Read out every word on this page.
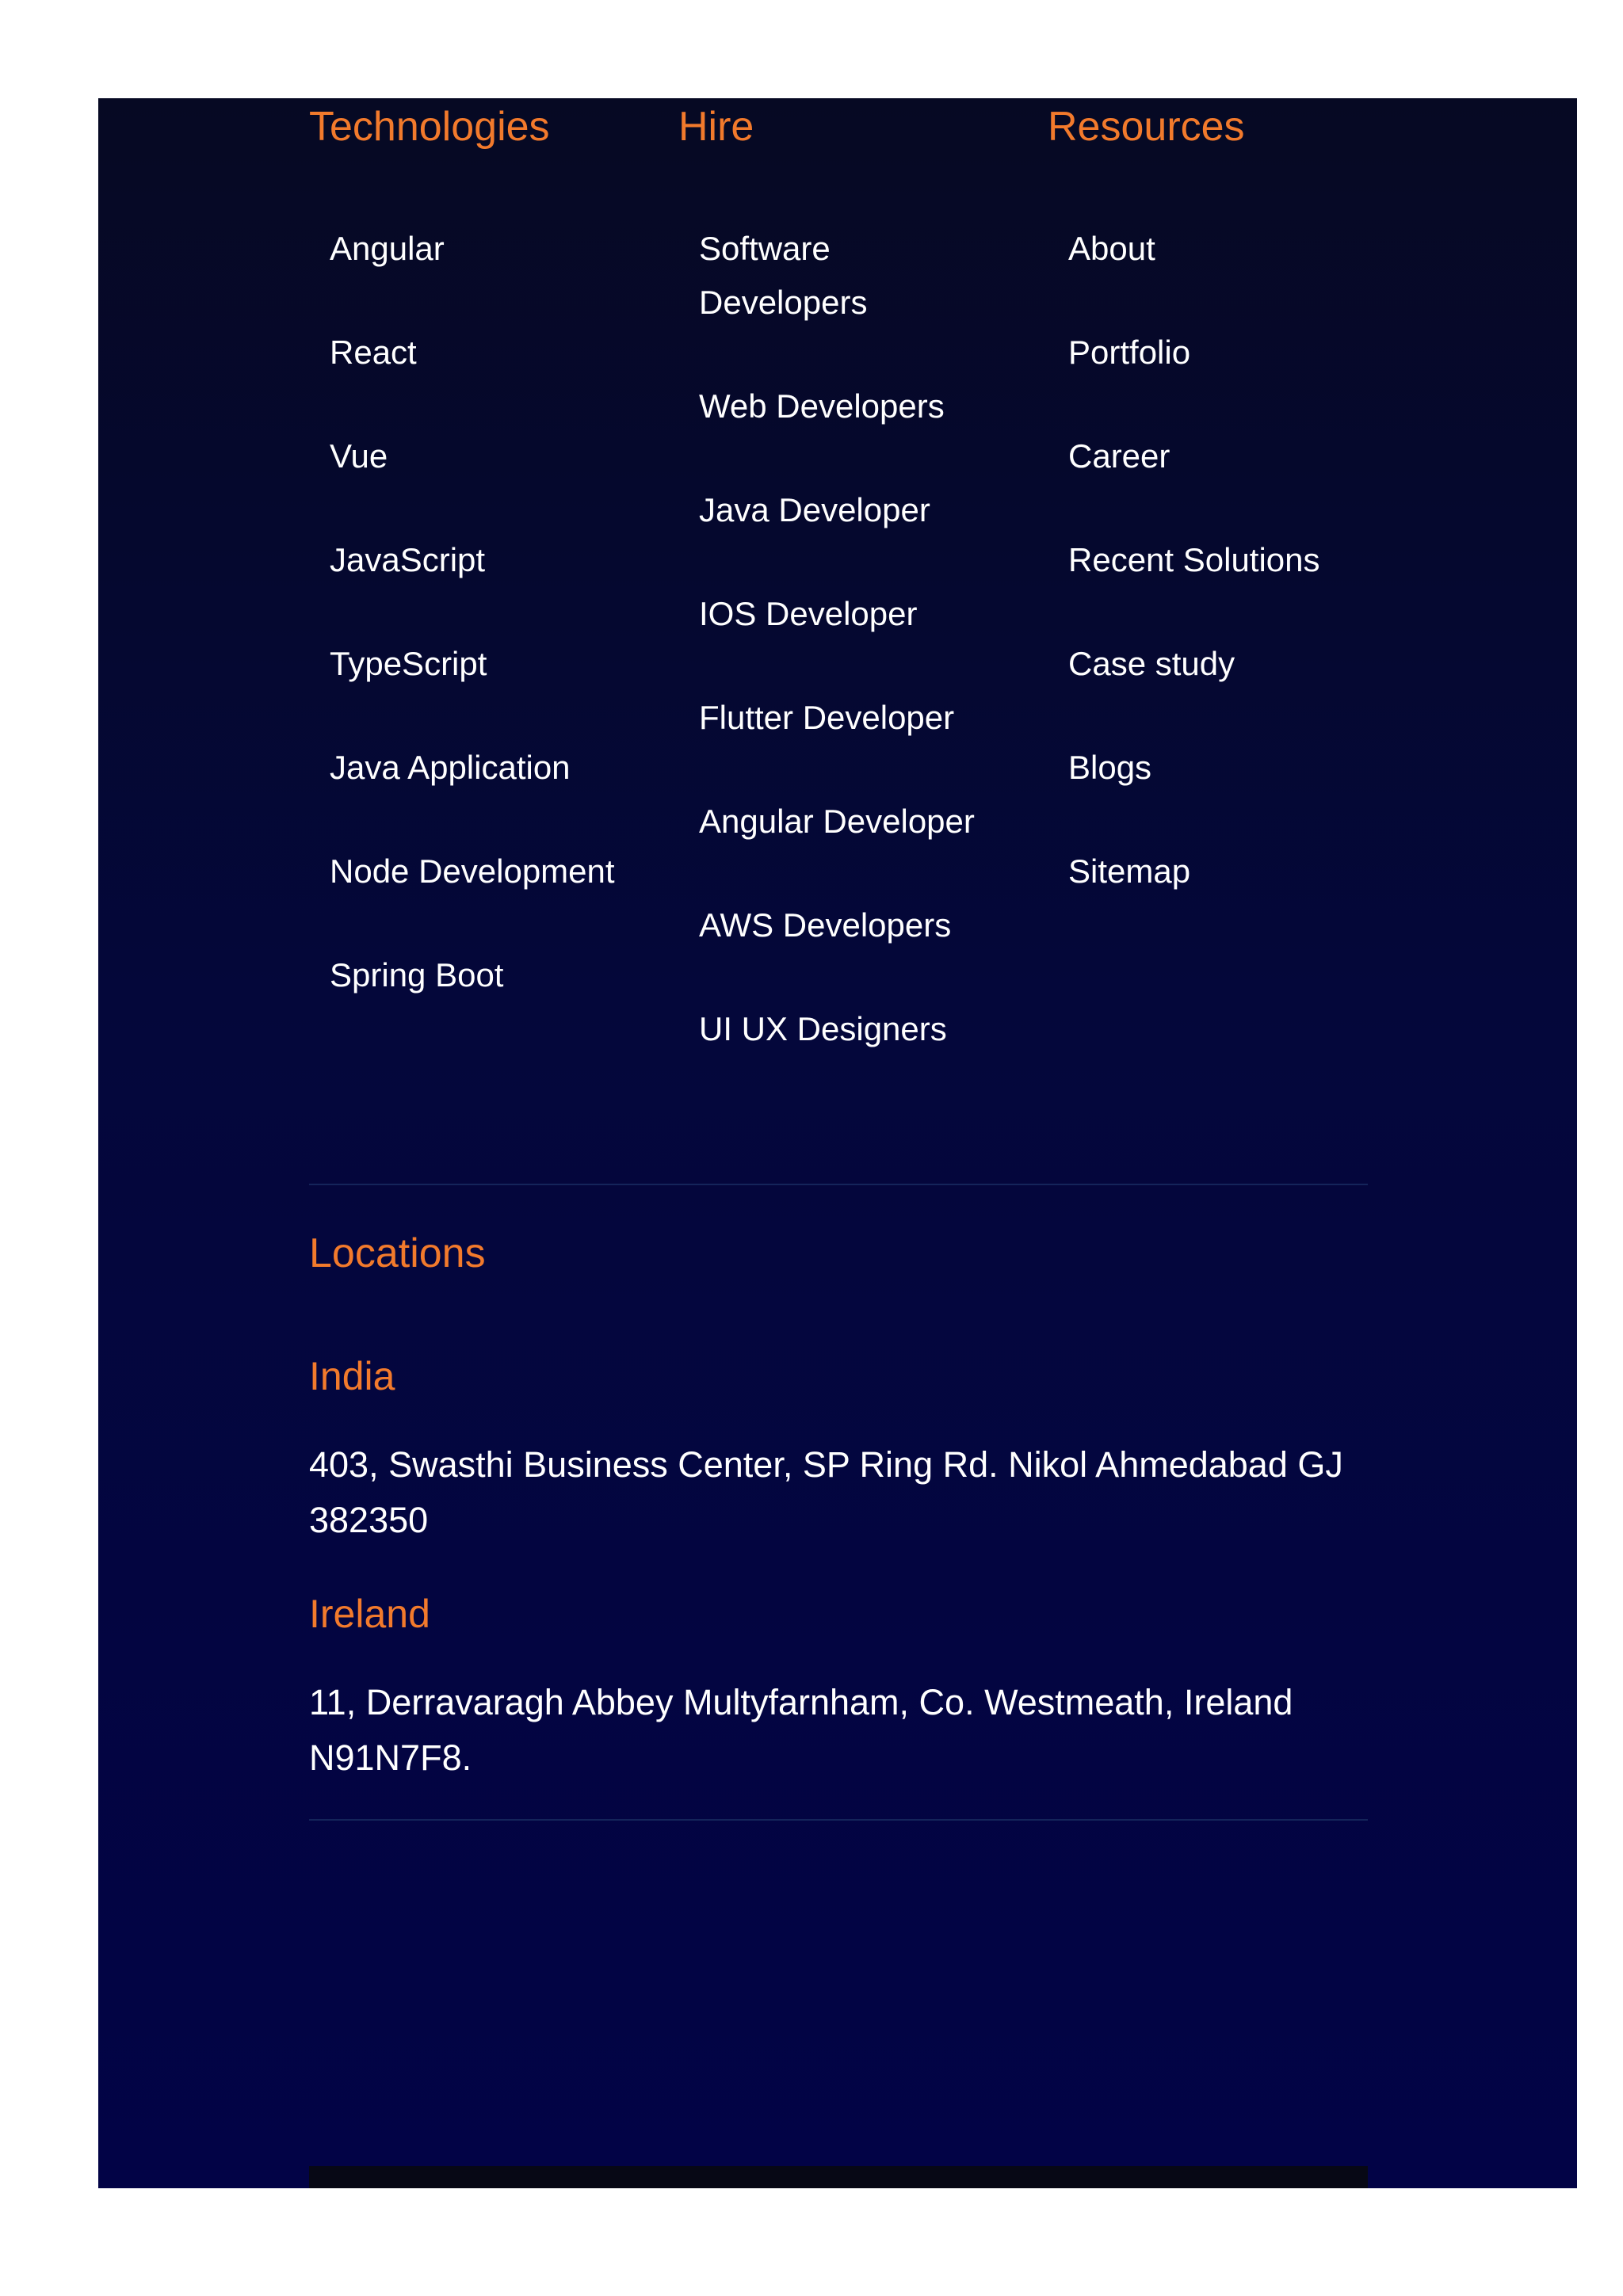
Technologies
Angular
React
Vue
JavaScript
TypeScript
Java Application
Node Development
Spring Boot
Hire
Software Developers
Web Developers
Java Developer
IOS Developer
Flutter Developer
Angular Developer
AWS Developers
UI UX Designers
Resources
About
Portfolio
Career
Recent Solutions
Case study
Blogs
Sitemap
Locations
India
403, Swasthi Business Center, SP Ring Rd. Nikol Ahmedabad GJ 382350
Ireland
11, Derravaragh Abbey Multyfarnham, Co. Westmeath, Ireland N91N7F8.
